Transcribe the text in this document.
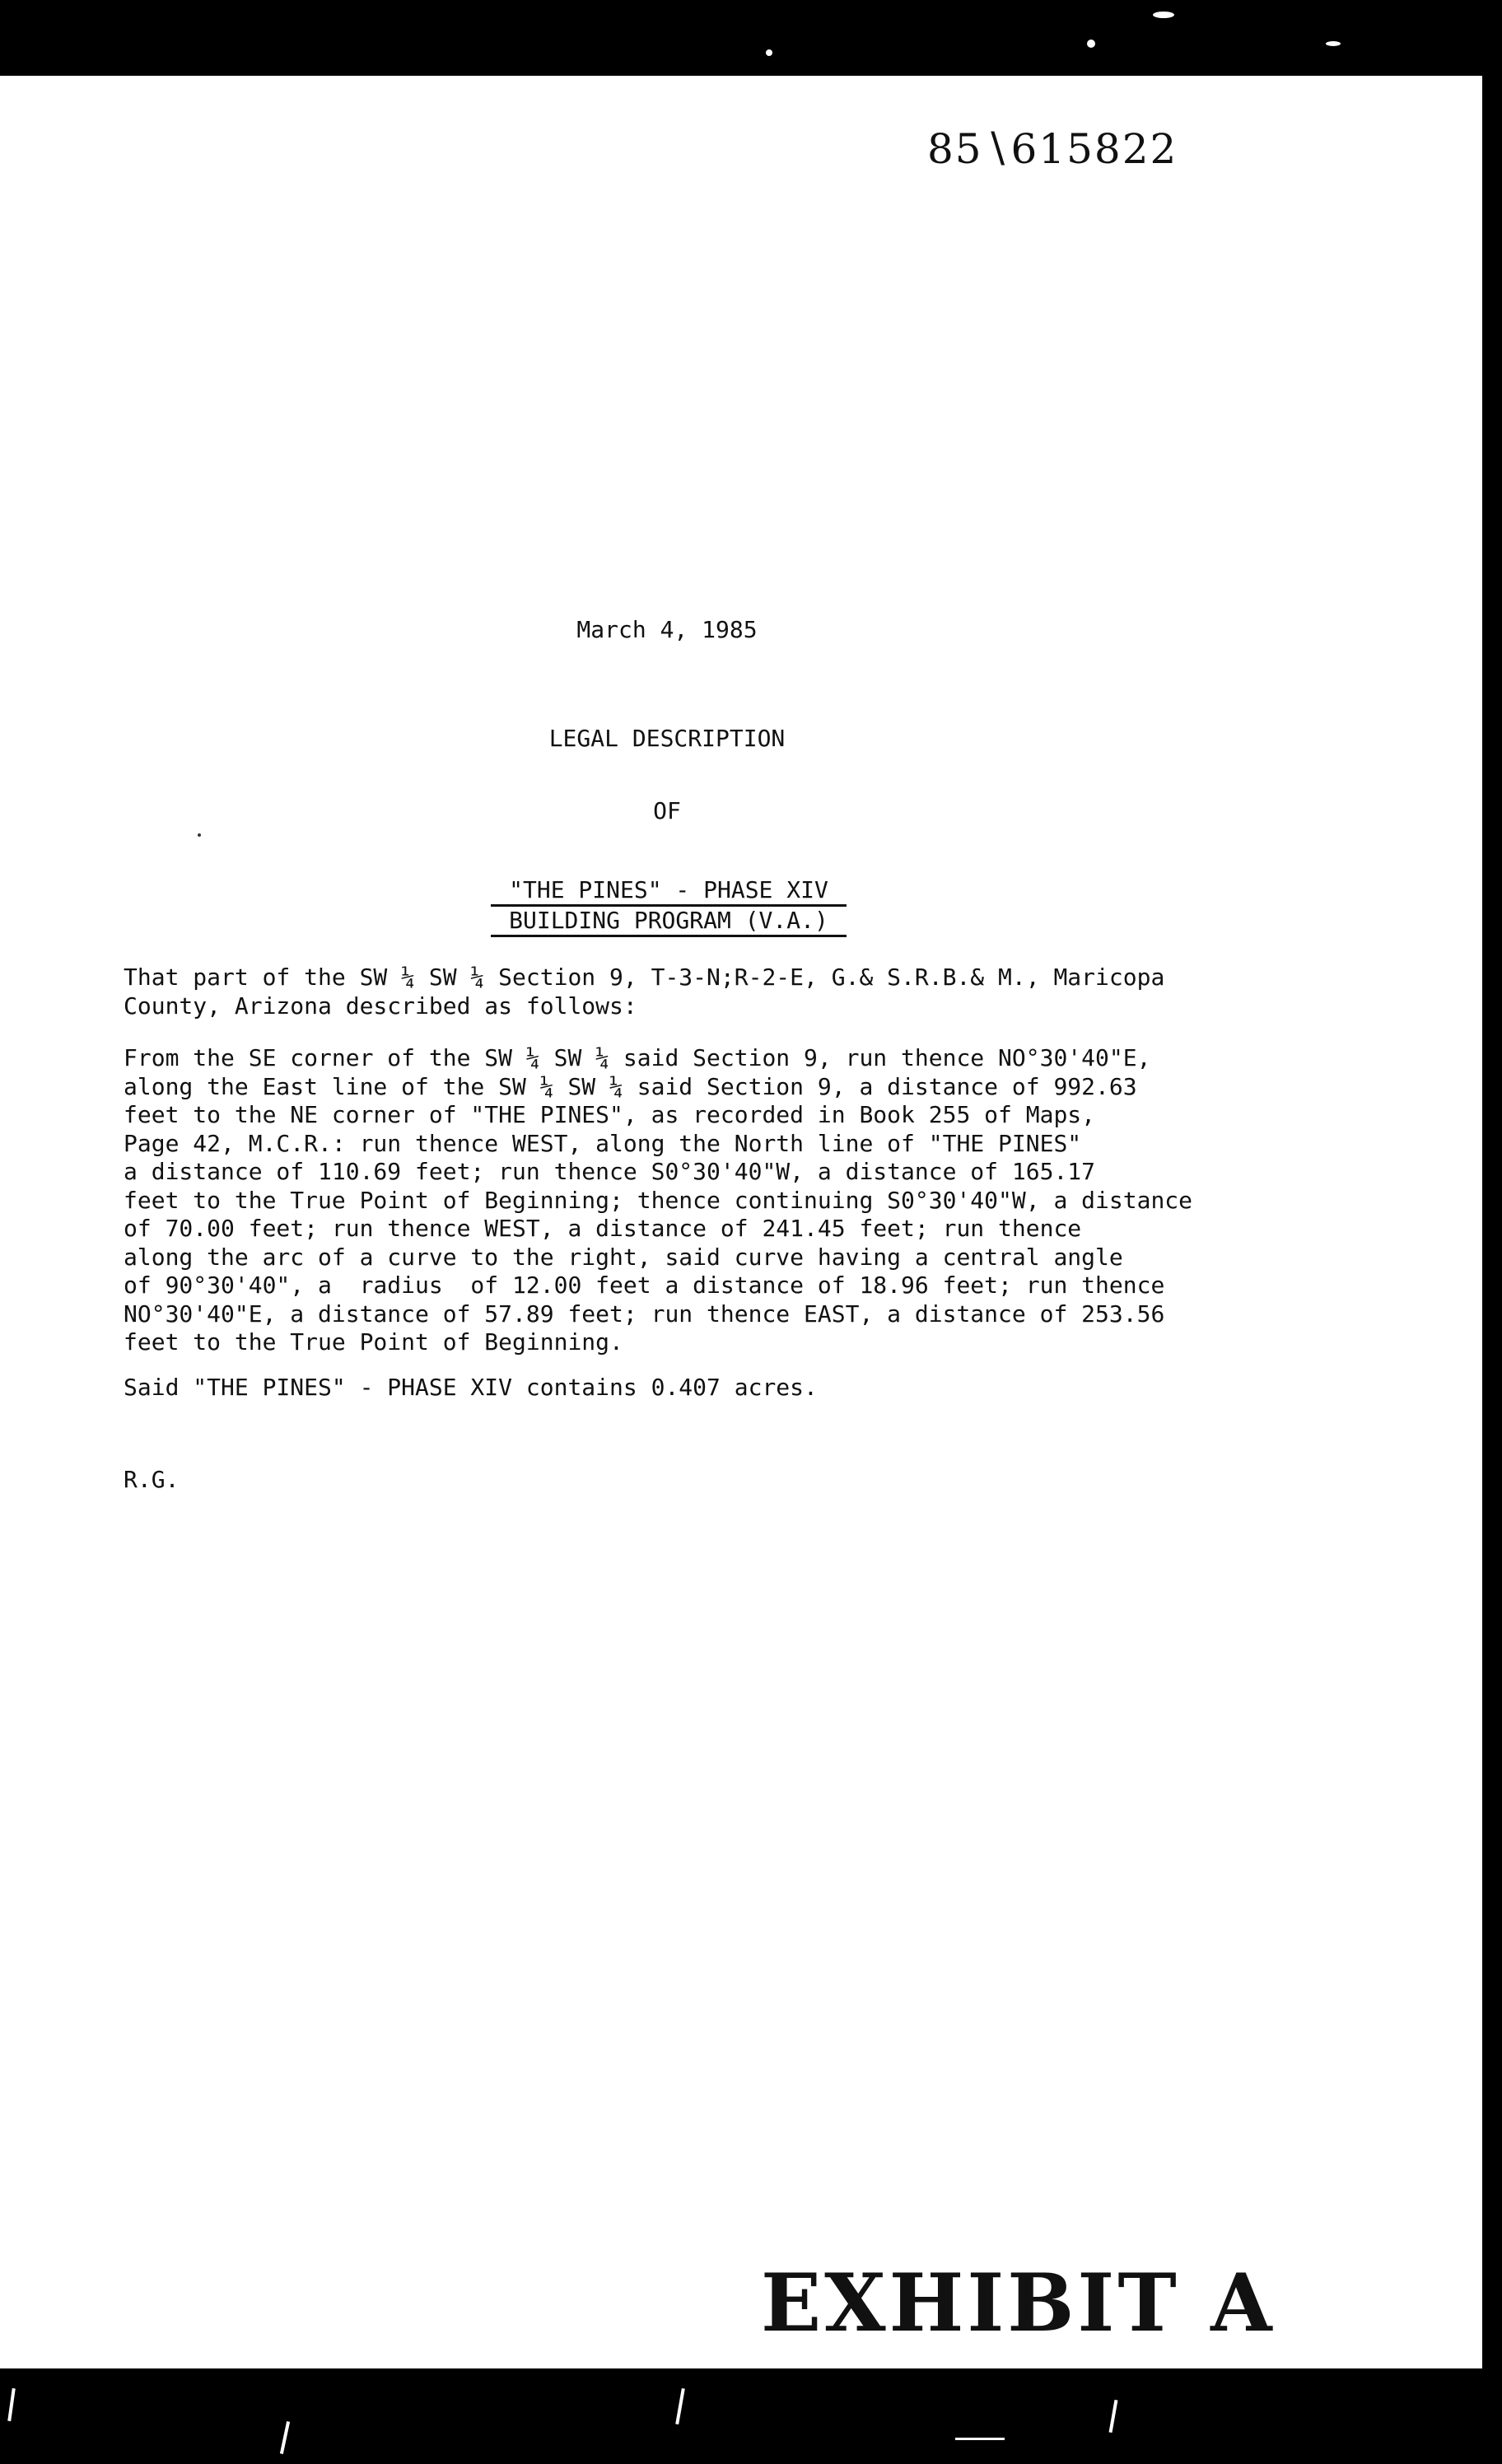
85∖615822
March 4, 1985
LEGAL DESCRIPTION
OF
"THE PINES" - PHASE XIV
BUILDING PROGRAM (V.A.)
That part of the SW ¼ SW ¼ Section 9, T-3-N;R-2-E, G.& S.R.B.& M., Maricopa
County, Arizona described as follows:
From the SE corner of the SW ¼ SW ¼ said Section 9, run thence NO°30'40"E,
along the East line of the SW ¼ SW ¼ said Section 9, a distance of 992.63
feet to the NE corner of "THE PINES", as recorded in Book 255 of Maps,
Page 42, M.C.R.: run thence WEST, along the North line of "THE PINES"
a distance of 110.69 feet; run thence S0°30'40"W, a distance of 165.17
feet to the True Point of Beginning; thence continuing S0°30'40"W, a distance
of 70.00 feet; run thence WEST, a distance of 241.45 feet; run thence
along the arc of a curve to the right, said curve having a central angle
of 90°30'40", a  radius  of 12.00 feet a distance of 18.96 feet; run thence
NO°30'40"E, a distance of 57.89 feet; run thence EAST, a distance of 253.56
feet to the True Point of Beginning.
Said "THE PINES" - PHASE XIV contains 0.407 acres.
R.G.
EXHIBIT A
